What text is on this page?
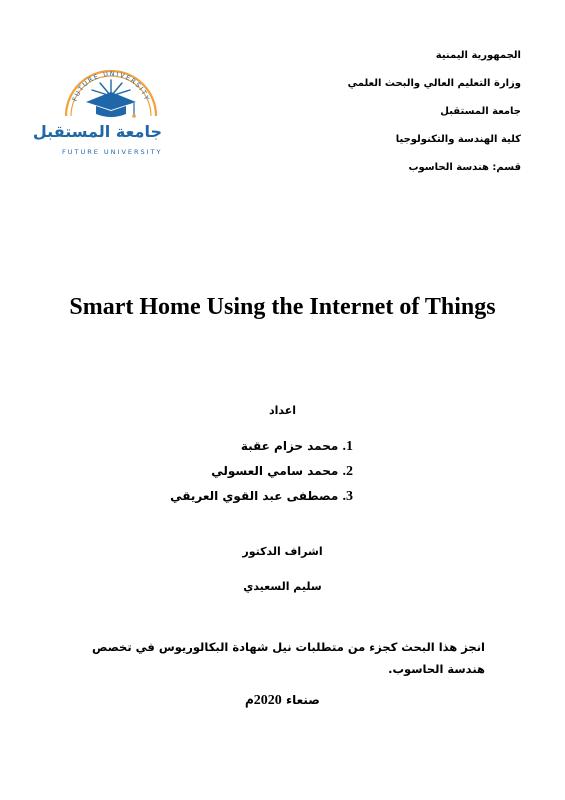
الجمهورية اليمنية
وزارة التعليم العالي والبحث العلمي
جامعة المستقبل
كلية الهندسة والتكنولوجيا
قسم: هندسة الحاسوب
FUTURE UNIVERSITY
جامعة المستقبل
FUTURE UNIVERSITY
Smart Home Using the Internet of Things
اعداد
1. محمد حزام عقبة
2. محمد سامي العسولي
3. مصطفى عبد القوي العريقي
اشراف الدكتور
سليم السعيدي
انجز هذا البحث كجزء من متطلبات نيل شهادة البكالوريوس في تخصص هندسة الحاسوب.
صنعاء 2020م
